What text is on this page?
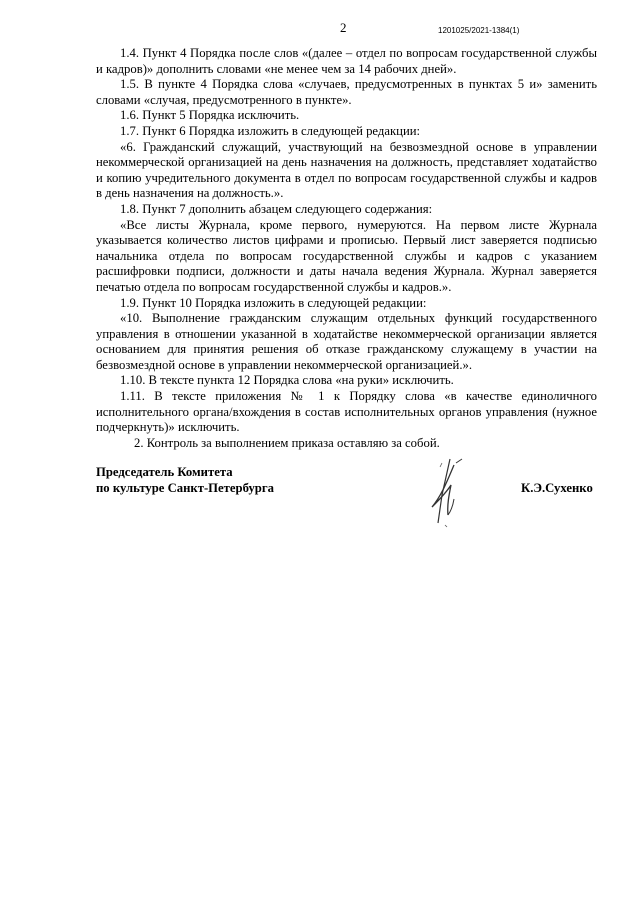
2	1201025/2021-1384(1)

1.4. Пункт 4 Порядка после слов «(далее – отдел по вопросам государственной службы и кадров)» дополнить словами «не менее чем за 14 рабочих дней».

1.5. В пункте 4 Порядка слова «случаев, предусмотренных в пунктах 5 и» заменить словами «случая, предусмотренного в пункте».

1.6. Пункт 5 Порядка исключить.

1.7. Пункт 6 Порядка изложить в следующей редакции:

«6. Гражданский служащий, участвующий на безвозмездной основе в управлении некоммерческой организацией на день назначения на должность, представляет ходатайство и копию учредительного документа в отдел по вопросам государственной службы и кадров в день назначения на должность.».

1.8. Пункт 7 дополнить абзацем следующего содержания:

«Все листы Журнала, кроме первого, нумеруются. На первом листе Журнала указывается количество листов цифрами и прописью. Первый лист заверяется подписью начальника отдела по вопросам государственной службы и кадров с указанием расшифровки подписи, должности и даты начала ведения Журнала. Журнал заверяется печатью отдела по вопросам государственной службы и кадров.».

1.9. Пункт 10 Порядка изложить в следующей редакции:

«10. Выполнение гражданским служащим отдельных функций государственного управления в отношении указанной в ходатайстве некоммерческой организации является основанием для принятия решения об отказе гражданскому служащему в участии на безвозмездной основе в управлении некоммерческой организацией.».

1.10. В тексте пункта 12 Порядка слова «на руки» исключить.

1.11. В тексте приложения № 1 к Порядку слова «в качестве единоличного исполнительного органа/вхождения в состав исполнительных органов управления (нужное подчеркнуть)» исключить.

2. Контроль за выполнением приказа оставляю за собой.

Председатель Комитета
по культуре Санкт-Петербурга	К.Э.Сухенко
